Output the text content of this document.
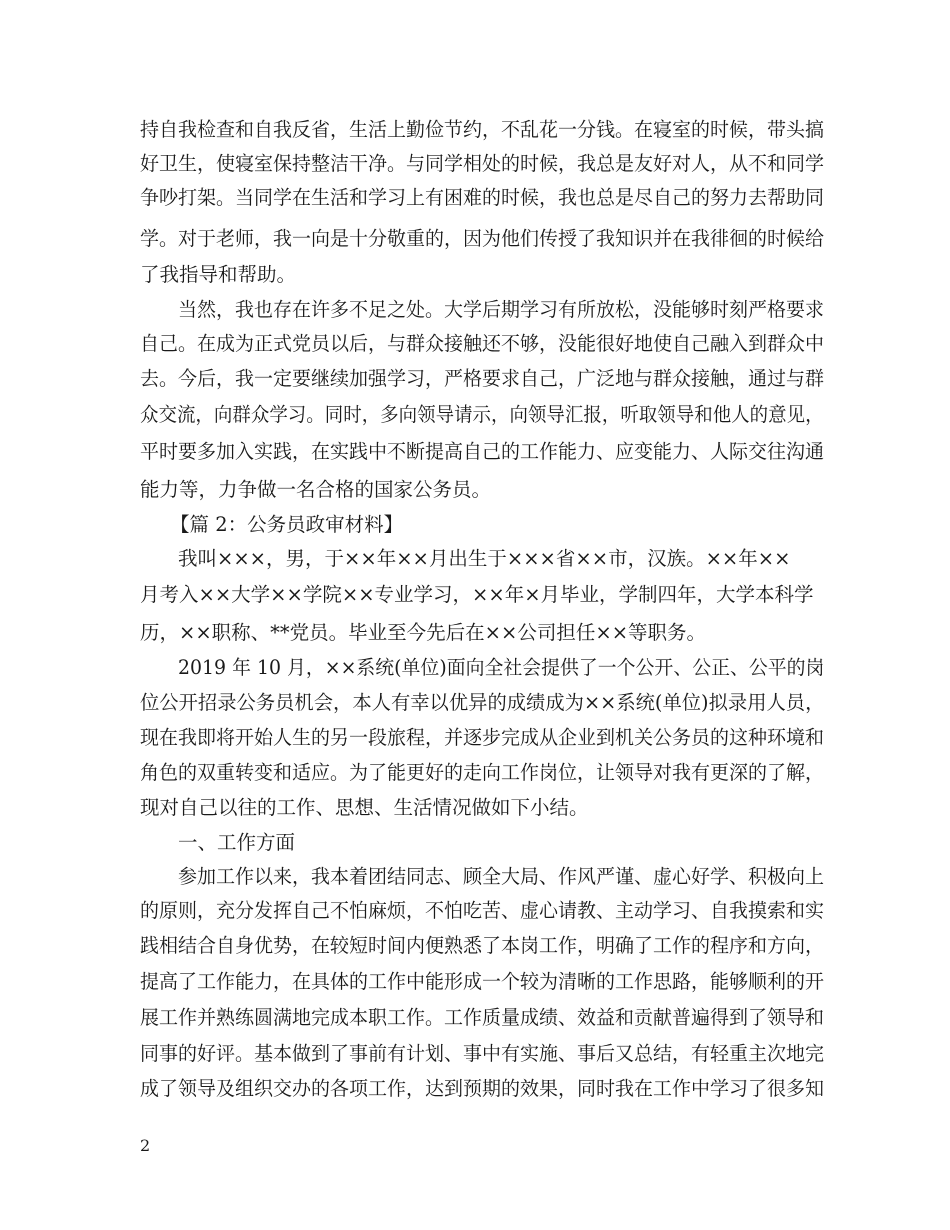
持自我检查和自我反省，生活上勤俭节约，不乱花一分钱。在寝室的时候，带头搞
好卫生，使寝室保持整洁干净。与同学相处的时候，我总是友好对人，从不和同学
争吵打架。当同学在生活和学习上有困难的时候，我也总是尽自己的努力去帮助同
学。对于老师，我一向是十分敬重的，因为他们传授了我知识并在我徘徊的时候给
了我指导和帮助。
当然，我也存在许多不足之处。大学后期学习有所放松，没能够时刻严格要求
自己。在成为正式党员以后，与群众接触还不够，没能很好地使自己融入到群众中
去。今后，我一定要继续加强学习，严格要求自己，广泛地与群众接触，通过与群
众交流，向群众学习。同时，多向领导请示，向领导汇报，听取领导和他人的意见，
平时要多加入实践，在实践中不断提高自己的工作能力、应变能力、人际交往沟通
能力等，力争做一名合格的国家公务员。
【篇 2：公务员政审材料】
我叫×××，男，于××年××月出生于×××省××市，汉族。××年××
月考入××大学××学院××专业学习，××年×月毕业，学制四年，大学本科学
历，××职称、**党员。毕业至今先后在××公司担任××等职务。
2019 年 10 月，××系统(单位)面向全社会提供了一个公开、公正、公平的岗
位公开招录公务员机会，本人有幸以优异的成绩成为××系统(单位)拟录用人员，
现在我即将开始人生的另一段旅程，并逐步完成从企业到机关公务员的这种环境和
角色的双重转变和适应。为了能更好的走向工作岗位，让领导对我有更深的了解，
现对自己以往的工作、思想、生活情况做如下小结。
一、工作方面
参加工作以来，我本着团结同志、顾全大局、作风严谨、虚心好学、积极向上
的原则，充分发挥自己不怕麻烦，不怕吃苦、虚心请教、主动学习、自我摸索和实
践相结合自身优势，在较短时间内便熟悉了本岗工作，明确了工作的程序和方向，
提高了工作能力，在具体的工作中能形成一个较为清晰的工作思路，能够顺利的开
展工作并熟练圆满地完成本职工作。工作质量成绩、效益和贡献普遍得到了领导和
同事的好评。基本做到了事前有计划、事中有实施、事后又总结，有轻重主次地完
成了领导及组织交办的各项工作，达到预期的效果，同时我在工作中学习了很多知
2
